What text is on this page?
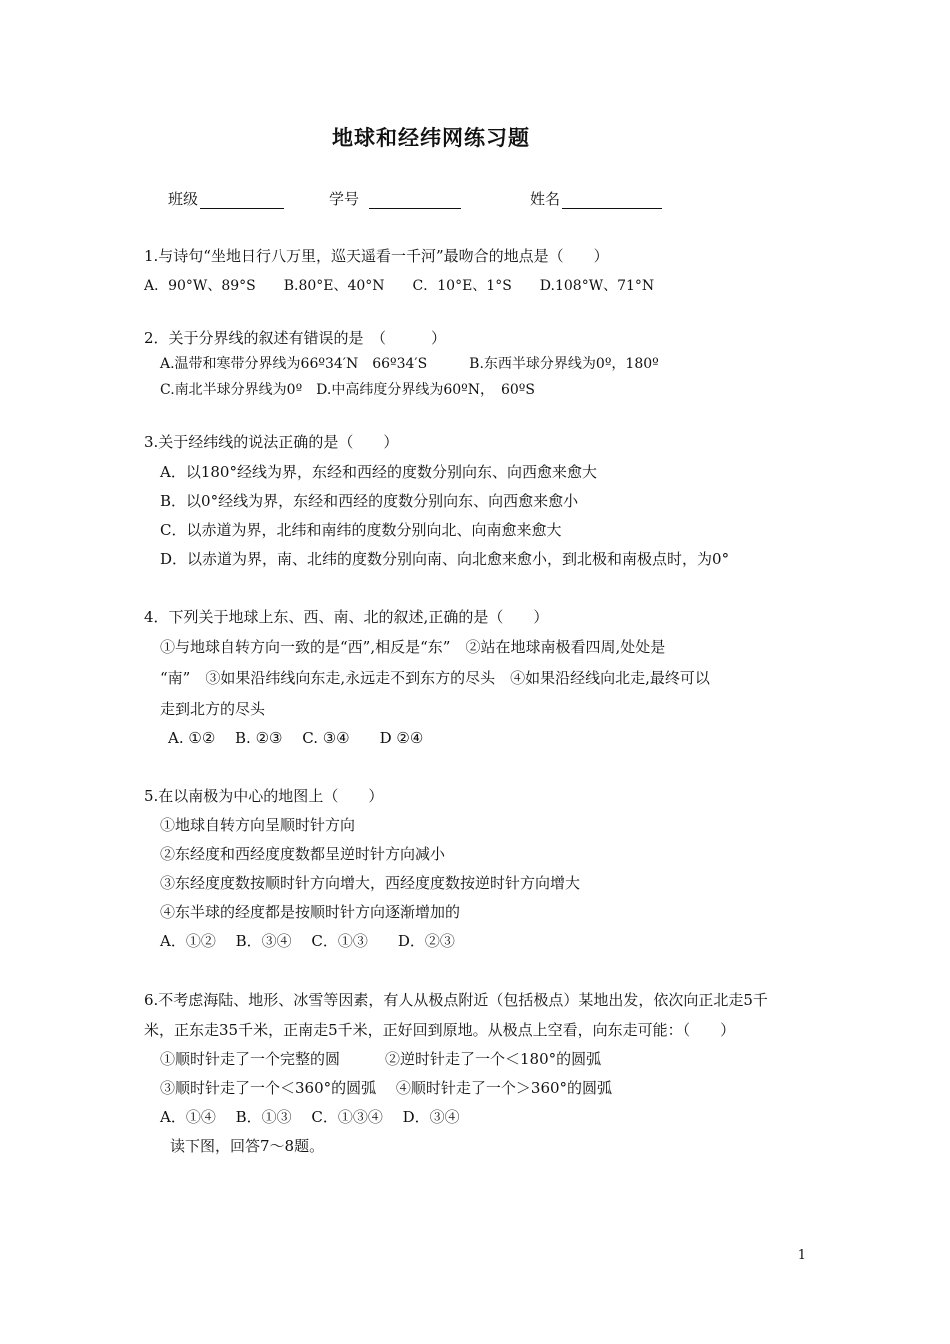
地球和经纬网练习题
班级	学号	姓名
1.与诗句“坐地日行八万里，巡天遥看一千河”最吻合的地点是（　　）
A．90°W、89°S　　B.80°E、40°N　　C．10°E、1°S　　D.108°W、71°N
2．关于分界线的叙述有错误的是　（　　　）
A.温带和寒带分界线为66º34′N　66º34′S　　　B.东西半球分界线为0º，180º
C.南北半球分界线为0º　D.中高纬度分界线为60ºN，　60ºS
3.关于经纬线的说法正确的是（　　）
A．以180°经线为界，东经和西经的度数分别向东、向西愈来愈大
B．以0°经线为界，东经和西经的度数分别向东、向西愈来愈小
C．以赤道为界，北纬和南纬的度数分别向北、向南愈来愈大
D．以赤道为界，南、北纬的度数分别向南、向北愈来愈小，到北极和南极点时，为0°
4．下列关于地球上东、西、南、北的叙述,正确的是（　　）
①与地球自转方向一致的是“西”,相反是“东”　②站在地球南极看四周,处处是
“南”　③如果沿纬线向东走,永远走不到东方的尽头　④如果沿经线向北走,最终可以
走到北方的尽头
A. ①②　 B. ②③　 C. ③④　　D ②④
5.在以南极为中心的地图上（　　）
①地球自转方向呈顺时针方向
②东经度和西经度度数都呈逆时针方向减小
③东经度度数按顺时针方向增大，西经度度数按逆时针方向增大
④东半球的经度都是按顺时针方向逐渐增加的
A．①②　 B．③④　 C．①③　　D．②③
6.不考虑海陆、地形、冰雪等因素，有人从极点附近（包括极点）某地出发，依次向正北走5千
米，正东走35千米，正南走5千米，正好回到原地。从极点上空看，向东走可能：（　　）
①顺时针走了一个完整的圆　　　②逆时针走了一个＜180°的圆弧
③顺时针走了一个＜360°的圆弧　 ④顺时针走了一个＞360°的圆弧
A．①④　 B．①③　 C．①③④　 D．③④
读下图，回答7～8题。
1
